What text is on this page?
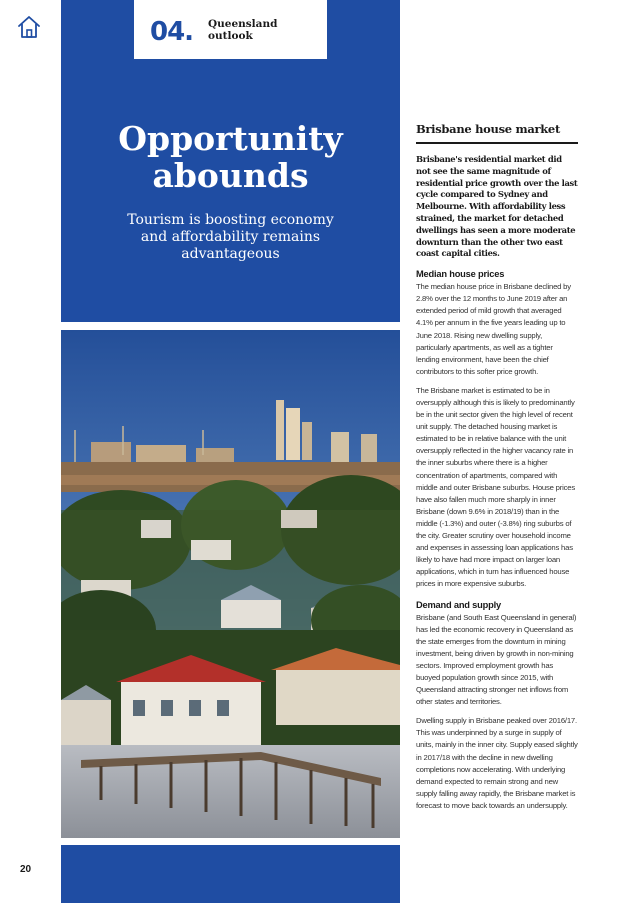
04. Queensland
outlook
Opportunity
abounds
Tourism is boosting economy
and affordability remains
advantageous
20
Brisbane house market
Brisbane's residential market did not see the same magnitude of residential price growth over the last cycle compared to Sydney and Melbourne. With affordability less strained, the market for detached dwellings has seen a more moderate downturn than the other two east coast capital cities.
Median house prices

The median house price in Brisbane declined by 2.8% over the 12 months to June 2019 after an extended period of mild growth that averaged 4.1% per annum in the five years leading up to June 2018. Rising new dwelling supply, particularly apartments, as well as a tighter lending environment, have been the chief contributors to this softer price growth.

The Brisbane market is estimated to be in oversupply although this is likely to predominantly be in the unit sector given the high level of recent unit supply. The detached housing market is estimated to be in relative balance with the unit oversupply reflected in the higher vacancy rate in the inner suburbs where there is a higher concentration of apartments, compared with middle and outer Brisbane suburbs. House prices have also fallen much more sharply in inner Brisbane (down 9.6% in 2018/19) than in the middle (-1.3%) and outer (-3.8%) ring suburbs of the city. Greater scrutiny over household income and expenses in assessing loan applications has likely to have had more impact on larger loan applications, which in turn has influenced house prices in more expensive suburbs.

Demand and supply

Brisbane (and South East Queensland in general) has led the economic recovery in Queensland as the state emerges from the downturn in mining investment, being driven by growth in non-mining sectors. Improved employment growth has buoyed population growth since 2015, with Queensland attracting stronger net inflows from other states and territories.

Dwelling supply in Brisbane peaked over 2016/17. This was underpinned by a surge in supply of units, mainly in the inner city. Supply eased slightly in 2017/18 with the decline in new dwelling completions now accelerating. With underlying demand expected to remain strong and new supply falling away rapidly, the Brisbane market is forecast to move back towards an undersupply.
